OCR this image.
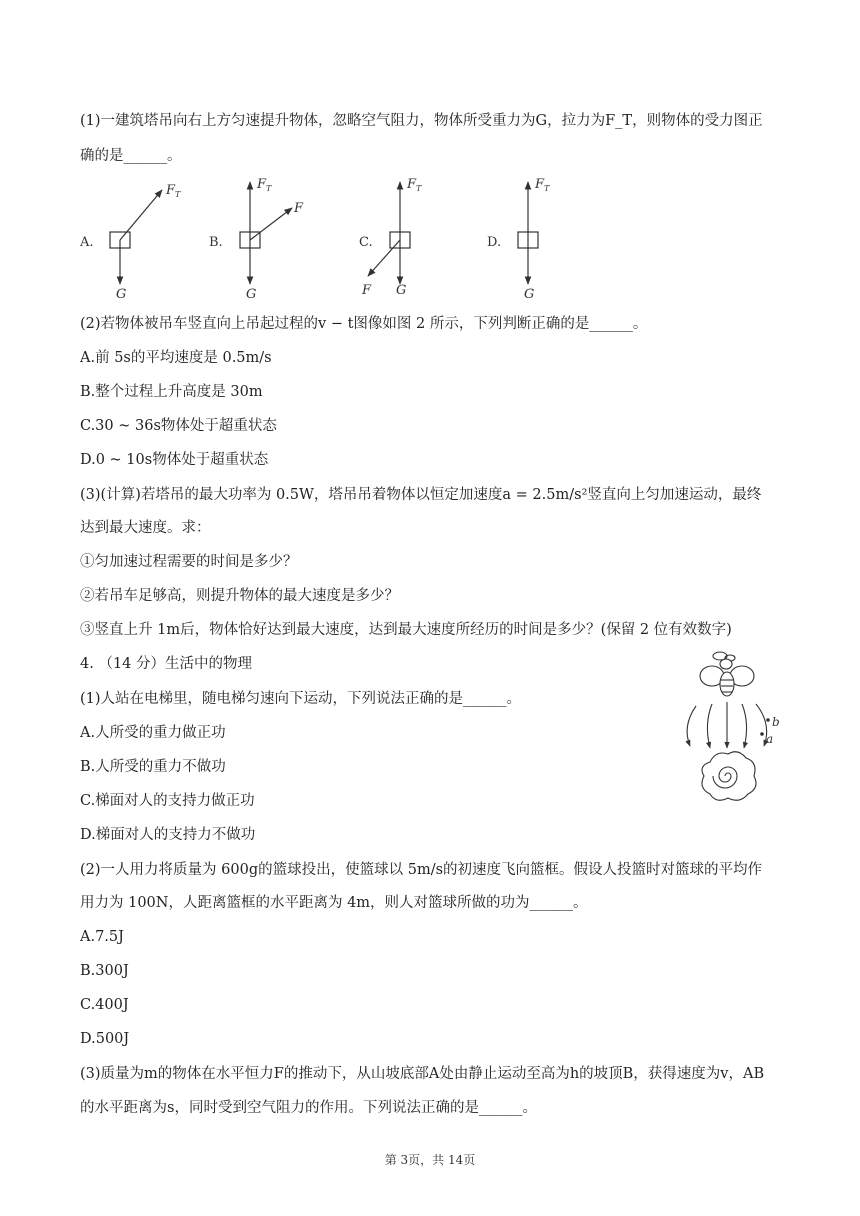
(1)一建筑塔吊向右上方匀速提升物体，忽略空气阻力，物体所受重力为G，拉力为F_T，则物体的受力图正
确的是______。
A.
$F_T$
G
B.
$F_T$
F
G
C.
$F_T$
F G
D.
$F_T$
G
(2)若物体被吊车竖直向上吊起过程的v − t图像如图 2 所示，下列判断正确的是______。
A.前 5s的平均速度是 0.5m/s
B.整个过程上升高度是 30m
C.30 ~ 36s物体处于超重状态
D.0 ~ 10s物体处于超重状态
(3)(计算)若塔吊的最大功率为 0.5W，塔吊吊着物体以恒定加速度a = 2.5m/s²竖直向上匀加速运动，最终
达到最大速度。求：
①匀加速过程需要的时间是多少？
②若吊车足够高，则提升物体的最大速度是多少？
③竖直上升 1m后，物体恰好达到最大速度，达到最大速度所经历的时间是多少？(保留 2 位有效数字)
4. （14 分）生活中的物理
b
a
(1)人站在电梯里，随电梯匀速向下运动，下列说法正确的是______。
A.人所受的重力做正功
B.人所受的重力不做功
C.梯面对人的支持力做正功
D.梯面对人的支持力不做功
(2)一人用力将质量为 600g的篮球投出，使篮球以 5m/s的初速度飞向篮框。假设人投篮时对篮球的平均作
用力为 100N，人距离篮框的水平距离为 4m，则人对篮球所做的功为______。
A.7.5J
B.300J
C.400J
D.500J
(3)质量为m的物体在水平恒力F的推动下，从山坡底部A处由静止运动至高为h的坡顶B，获得速度为v，AB
的水平距离为s，同时受到空气阻力的作用。下列说法正确的是______。
第 3页，共 14页
